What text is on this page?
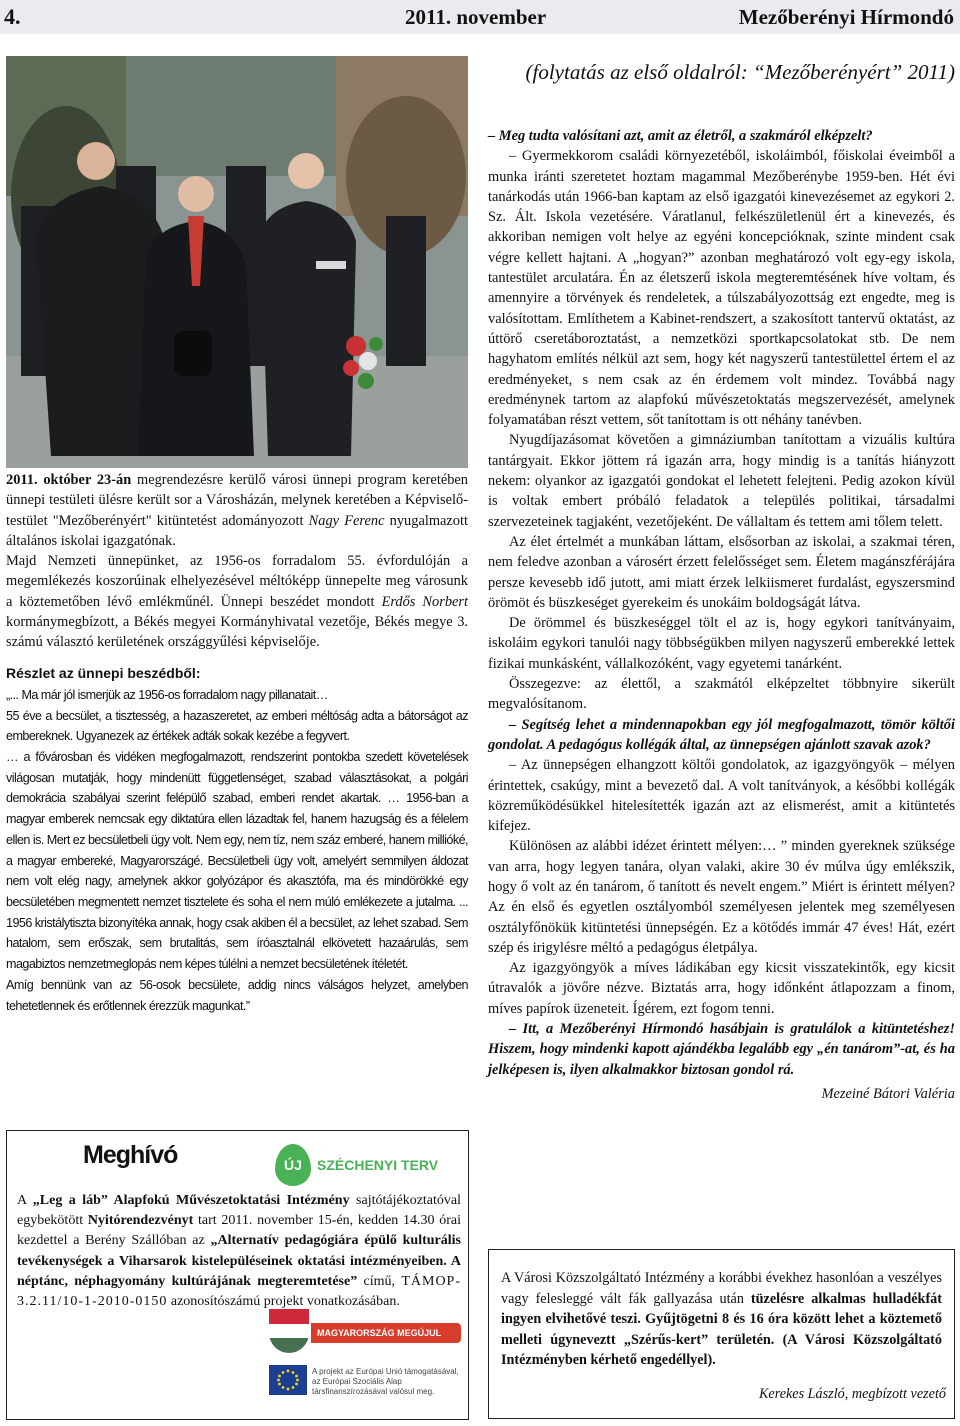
4.	2011. november	Mezőberényi Hírmondó
(folytatás az első oldalról: “Mezőberényért” 2011)

2011. október 23-án megrendezésre kerülő városi ünnepi program keretében ünnepi testületi ülésre került sor a Városházán, melynek keretében a Képviselő-testület "Mezőberényért" kitüntetést adományozott Nagy Ferenc nyugalmazott általános iskolai igazgatónak.

Majd Nemzeti ünnepünket, az 1956-os forradalom 55. évfordulóján a megemlékezés koszorúinak elhelyezésével méltóképp ünnepelte meg városunk a köztemetőben lévő emlékműnél. Ünnepi beszédet mondott Erdős Norbert kormánymegbízott, a Békés megyei Kormányhivatal vezetője, Békés megye 3. számú választó kerületének országgyűlési képviselője.

Részlet az ünnepi beszédből:

„... Ma már jól ismerjük az 1956-os forradalom nagy pillanatait…

55 éve a becsület, a tisztesség, a hazaszeretet, az emberi méltóság adta a bátorságot az embereknek. Ugyanezek az értékek adták sokak kezébe a fegyvert.

… a fővárosban és vidéken megfogalmazott, rendszerint pontokba szedett követelések világosan mutatják, hogy mindenütt függetlenséget, szabad választásokat, a polgári demokrácia szabályai szerint felépülő szabad, emberi rendet akartak. … 1956-ban a magyar emberek nemcsak egy diktatúra ellen lázadtak fel, hanem hazugság és a félelem ellen is. Mert ez becsületbeli ügy volt. Nem egy, nem tíz, nem száz emberé, hanem millióké, a magyar embereké, Magyarországé. Becsületbeli ügy volt, amelyért semmilyen áldozat nem volt elég nagy, amelynek akkor golyózápor és akasztófa, ma és mindörökké egy becsületében megmentett nemzet tisztelete és soha el nem múló emlékezete a jutalma. ... 1956 kristálytiszta bizonyítéka annak, hogy csak akiben él a becsület, az lehet szabad. Sem hatalom, sem erőszak, sem brutalitás, sem íróasztalnál elkövetett hazaárulás, sem magabiztos nemzetmeglopás nem képes túlélni a nemzet becsületének ítéletét.

Amíg bennünk van az 56-osok becsülete, addig nincs válságos helyzet, amelyben tehetetlennek és erőtlennek érezzük magunkat.”

Meghívó	ÚJ	SZÉCHENYI TERV
A „Leg a láb” Alapfokú Művészetoktatási Intézmény sajtótájékoztatóval egybekötött Nyitórendezvényt tart 2011. november 15-én, kedden 14.30 órai kezdettel a Berény Szállóban az „Alternatív pedagógiára épülő kulturális tevékenységek a Viharsarok kistelepüléseinek oktatási intézményeiben. A néptánc, néphagyomány kultúrájának megteremtetése” című, TÁMOP-3.2.11/10-1-2010-0150 azonosítószámú projekt vonatkozásában.
MAGYARORSZÁG MEGÚJUL
A projekt az Európai Unió támogatásával, az Európai Szociális Alap társfinanszírozásával valósul meg.

– Meg tudta valósítani azt, amit az életről, a szakmáról elképzelt?

– Gyermekkorom családi környezetéből, iskoláimból, főiskolai éveimből a munka iránti szeretetet hoztam magammal Mezőberénybe 1959-ben. Hét évi tanárkodás után 1966-ban kaptam az első igazgatói kinevezésemet az egykori 2. Sz. Ált. Iskola vezetésére. Váratlanul, felkészületlenül ért a kinevezés, és akkoriban nemigen volt helye az egyéni koncepcióknak, szinte mindent csak végre kellett hajtani. A „hogyan?” azonban meghatározó volt egy-egy iskola, tantestület arculatára. Én az életszerű iskola megteremtésének híve voltam, és amennyire a törvények és rendeletek, a túlszabályozottság ezt engedte, meg is valósítottam. Említhetem a Kabinet-rendszert, a szakosított tantervű oktatást, az úttörő cseretáboroztatást, a nemzetközi sportkapcsolatokat stb. De nem hagyhatom említés nélkül azt sem, hogy két nagyszerű tantestülettel értem el az eredményeket, s nem csak az én érdemem volt mindez. Továbbá nagy eredménynek tartom az alapfokú művészetoktatás megszervezését, amelynek folyamatában részt vettem, sőt tanítottam is ott néhány tanévben.

Nyugdíjazásomat követően a gimnáziumban tanítottam a vizuális kultúra tantárgyait. Ekkor jöttem rá igazán arra, hogy mindig is a tanítás hiányzott nekem: olyankor az igazgatói gondokat el lehetett felejteni. Pedig azokon kívül is voltak embert próbáló feladatok a település politikai, társadalmi szervezeteinek tagjaként, vezetőjeként. De vállaltam és tettem ami tőlem telett.

Az élet értelmét a munkában láttam, elsősorban az iskolai, a szakmai téren, nem feledve azonban a városért érzett felelősséget sem. Életem magánszférájára persze kevesebb idő jutott, ami miatt érzek lelkiismeret furdalást, egyszersmind örömöt és büszkeséget gyerekeim és unokáim boldogságát látva.

De örömmel és büszkeséggel tölt el az is, hogy egykori tanítványaim, iskoláim egykori tanulói nagy többségükben milyen nagyszerű emberekké lettek fizikai munkásként, vállalkozóként, vagy egyetemi tanárként.

Összegezve: az élettől, a szakmától elképzeltet többnyire sikerült megvalósítanom.

– Segítség lehet a mindennapokban egy jól megfogalmazott, tömör költői gondolat. A pedagógus kollégák által, az ünnepségen ajánlott szavak azok?

– Az ünnepségen elhangzott költői gondolatok, az igazgyöngyök – mélyen érintettek, csakúgy, mint a bevezető dal. A volt tanítványok, a későbbi kollégák közreműködésükkel hitelesítették igazán azt az elismerést, amit a kitüntetés kifejez.

Különösen az alábbi idézet érintett mélyen:… ” minden gyereknek szüksége van arra, hogy legyen tanára, olyan valaki, akire 30 év múlva úgy emlékszik, hogy ő volt az én tanárom, ő tanított és nevelt engem.” Miért is érintett mélyen? Az én első és egyetlen osztályomból személyesen jelentek meg személyesen osztályfőnökük kitüntetési ünnepségén. Ez a kötődés immár 47 éves! Hát, ezért szép és irigylésre méltó a pedagógus életpálya.

Az igazgyöngyök a míves ládikában egy kicsit visszatekintők, egy kicsit útravalók a jövőre nézve. Biztatás arra, hogy időnként átlapozzam a finom, míves papírok üzeneteit. Ígérem, ezt fogom tenni.

– Itt, a Mezőberényi Hírmondó hasábjain is gratulálok a kitüntetéshez! Hiszem, hogy mindenki kapott ajándékba legalább egy „én tanárom”-at, és ha jelképesen is, ilyen alkalmakkor biztosan gondol rá.

Mezeiné Bátori Valéria

A Városi Közszolgáltató Intézmény a korábbi évekhez hasonlóan a veszélyes vagy felesleggé vált fák gallyazása után tüzelésre alkalmas hulladékfát ingyen elvihetővé teszi. Gyűjtögetni 8 és 16 óra között lehet a köztemető melleti úgyneveztt „Szérűs-kert” területén. (A Városi Közszolgáltató Intézményben kérhető engedéllyel).
Kerekes László, megbízott vezető
